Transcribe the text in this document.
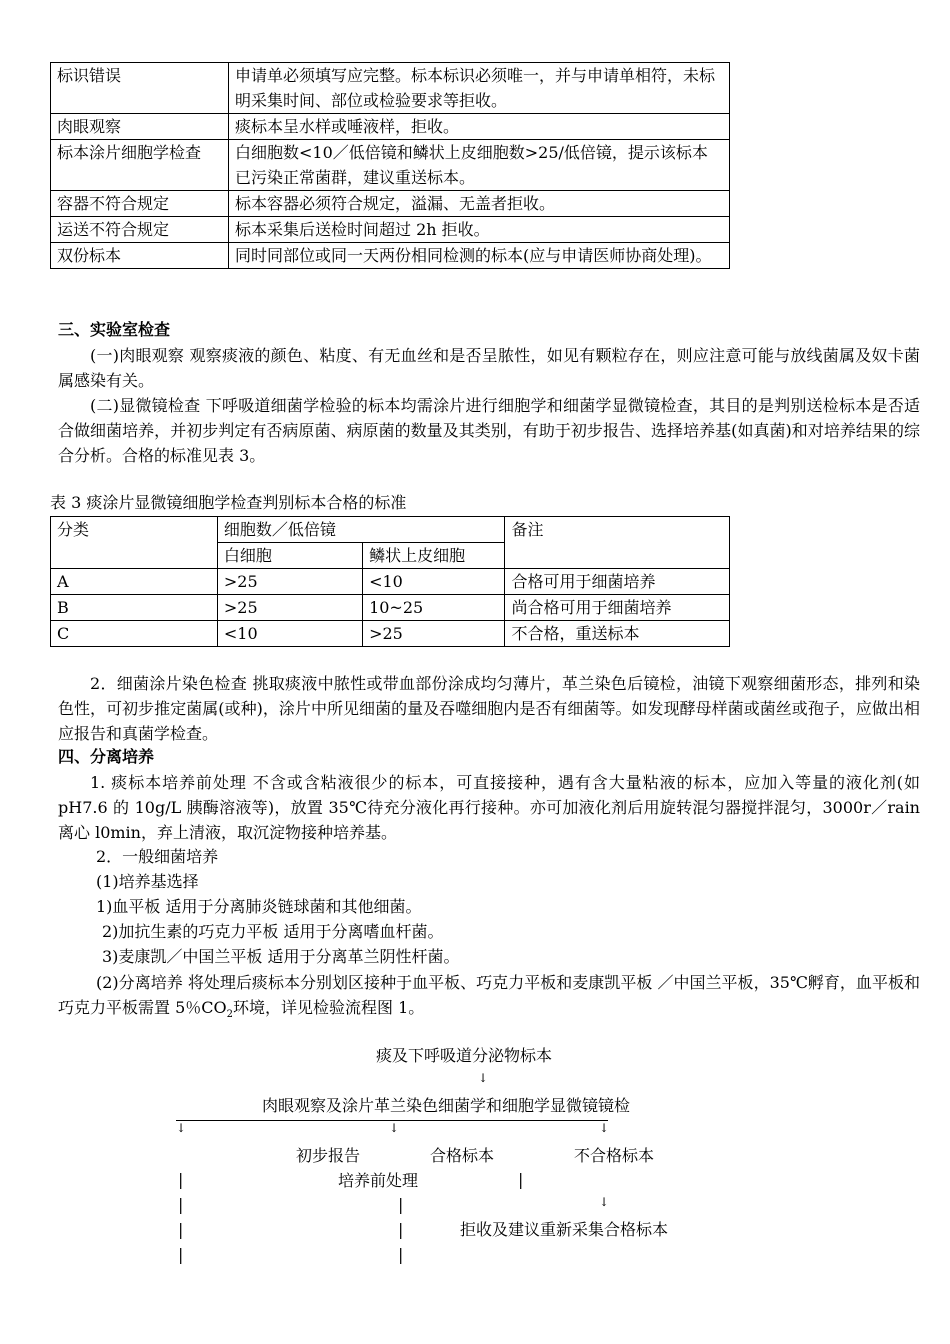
标识错误	申请单必须填写应完整。标本标识必须唯一，并与申请单相符，未标明采集时间、部位或检验要求等拒收。
肉眼观察	痰标本呈水样或唾液样，拒收。
标本涂片细胞学检查	白细胞数<10／低倍镜和鳞状上皮细胞数>25/低倍镜，提示该标本已污染正常菌群，建议重送标本。
容器不符合规定	标本容器必须符合规定，溢漏、无盖者拒收。
运送不符合规定	标本采集后送检时间超过 2h 拒收。
双份标本	同时同部位或同一天两份相同检测的标本(应与申请医师协商处理)。
三、实验室检查
(一)肉眼观察 观察痰液的颜色、粘度、有无血丝和是否呈脓性，如见有颗粒存在，则应注意可能与放线菌属及奴卡菌属感染有关。
(二)显微镜检查 下呼吸道细菌学检验的标本均需涂片进行细胞学和细菌学显微镜检查，其目的是判别送检标本是否适合做细菌培养，并初步判定有否病原菌、病原菌的数量及其类别，有助于初步报告、选择培养基(如真菌)和对培养结果的综合分析。合格的标准见表 3。
表 3 痰涂片显微镜细胞学检查判别标本合格的标准
分类	细胞数／低倍镜		备注
	白细胞	鳞状上皮细胞	
A	>25	<10	合格可用于细菌培养
B	>25	10~25	尚合格可用于细菌培养
C	<10	>25	不合格，重送标本
2．细菌涂片染色检查 挑取痰液中脓性或带血部份涂成均匀薄片，革兰染色后镜检，油镜下观察细菌形态，排列和染色性，可初步推定菌属(或种)，涂片中所见细菌的量及吞噬细胞内是否有细菌等。如发现酵母样菌或菌丝或孢子，应做出相应报告和真菌学检查。
四、分离培养
1. 痰标本培养前处理 不含或含粘液很少的标本，可直接接种，遇有含大量粘液的标本，应加入等量的液化剂(如 pH7.6 的 10g/L 胰酶溶液等)，放置 35℃待充分液化再行接种。亦可加液化剂后用旋转混匀器搅拌混匀，3000r／rain 离心 l0min，弃上清液，取沉淀物接种培养基。
2．一般细菌培养
(1)培养基选择
1)血平板 适用于分离肺炎链球菌和其他细菌。
2)加抗生素的巧克力平板 适用于分离嗜血杆菌。
3)麦康凯／中国兰平板 适用于分离革兰阴性杆菌。
(2)分离培养 将处理后痰标本分别划区接种于血平板、巧克力平板和麦康凯平板 ／中国兰平板，35℃孵育，血平板和巧克力平板需置 5％$CO_2$环境，详见检验流程图 1。
痰及下呼吸道分泌物标本
↓
肉眼观察及涂片革兰染色细菌学和细胞学显微镜镜检
↓	↓	↓
初步报告	合格标本	不合格标本
|	培养前处理	|
|	|	↓
|	|	拒收及建议重新采集合格标本
|	|
